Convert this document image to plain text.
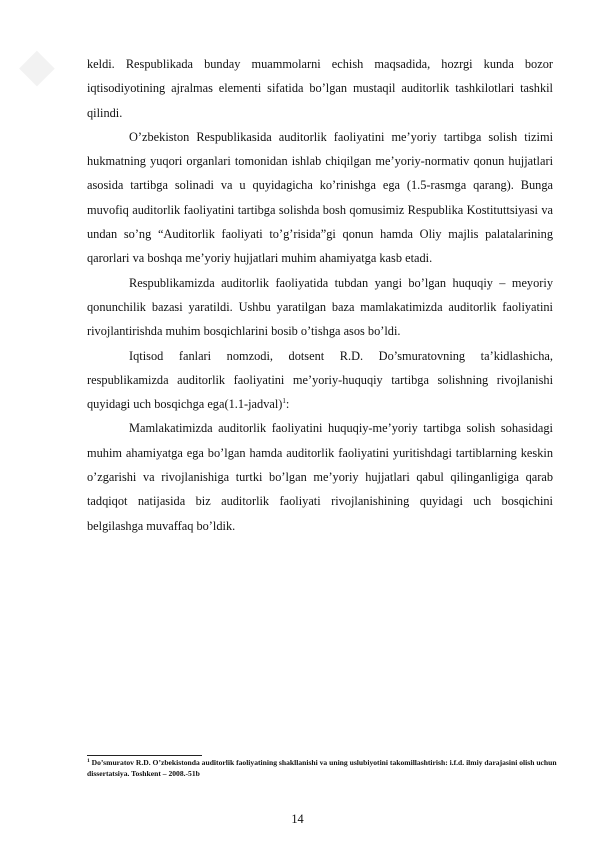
◆	keldi. Respublikada bunday muammolarni echish maqsadida, hozrgi kunda bozor iqtisodiyotining ajralmas elementi sifatida bo’lgan mustaqil auditorlik tashkilotlari tashkil qilindi.

O’zbekiston Respublikasida auditorlik faoliyatini me’yoriy tartibga solish tizimi hukmatning yuqori organlari tomonidan ishlab chiqilgan me’yoriy-normativ qonun hujjatlari asosida tartibga solinadi va u quyidagicha ko’rinishga ega (1.5-rasmga qarang). Bunga muvofiq auditorlik faoliyatini tartibga solishda bosh qomusimiz Respublika Kostituttsiyasi va undan so’ng “Auditorlik faoliyati to’g’risida”gi qonun hamda Oliy majlis palatalarining qarorlari va boshqa me’yoriy hujjatlari muhim ahamiyatga kasb etadi.

Respublikamizda auditorlik faoliyatida tubdan yangi bo’lgan huquqiy – meyoriy qonunchilik bazasi yaratildi. Ushbu yaratilgan baza mamlakatimizda auditorlik faoliyatini rivojlantirishda muhim bosqichlarini bosib o’tishga asos bo’ldi.

Iqtisod fanlari nomzodi, dotsent R.D. Do’smuratovning ta’kidlashicha, respublikamizda auditorlik faoliyatini me’yoriy-huquqiy tartibga solishning rivojlanishi quyidagi uch bosqichga ega(1.1-jadval)$^1$:

Mamlakatimizda auditorlik faoliyatini huquqiy-me’yoriy tartibga solish sohasidagi muhim ahamiyatga ega bo’lgan hamda auditorlik faoliyatini yuritishdagi tartiblarning keskin o’zgarishi va rivojlanishiga turtki bo’lgan me’yoriy hujjatlari qabul qilinganligiga qarab tadqiqot natijasida biz auditorlik faoliyati rivojlanishining quyidagi uch bosqichini belgilashga muvaffaq bo’ldik.

$^1$ Do’smuratov R.D. O’zbekistonda auditorlik faoliyatining shakllanishi va uning uslubiyotini takomillashtirish: i.f.d. ilmiy darajasini olish uchun dissertatsiya. Toshkent – 2008.-51b
14
